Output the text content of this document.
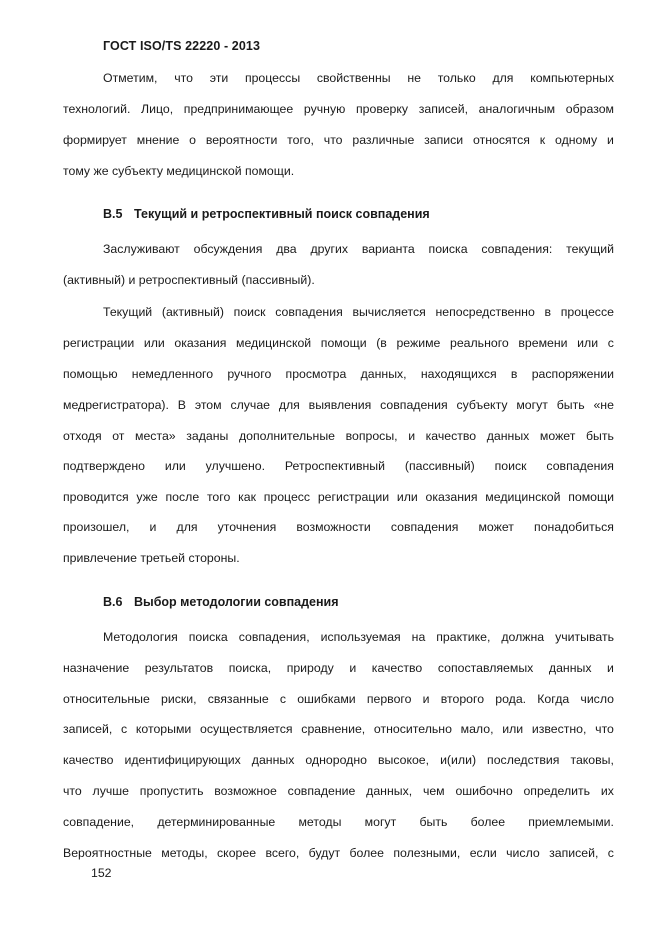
ГОСТ ISO/TS 22220 - 2013
Отметим, что эти процессы свойственны не только для компьютерных
технологий. Лицо, предпринимающее ручную проверку записей, аналогичным образом
формирует мнение о вероятности того, что различные записи относятся к одному и
тому же субъекту медицинской помощи.
B.5 Текущий и ретроспективный поиск совпадения
Заслуживают обсуждения два других варианта поиска совпадения: текущий
(активный) и ретроспективный (пассивный).
Текущий (активный) поиск совпадения вычисляется непосредственно в процессе
регистрации или оказания медицинской помощи (в режиме реального времени или с
помощью немедленного ручного просмотра данных, находящихся в распоряжении
медрегистратора). В этом случае для выявления совпадения субъекту могут быть «не
отходя от места» заданы дополнительные вопросы, и качество данных может быть
подтверждено или улучшено. Ретроспективный (пассивный) поиск совпадения
проводится уже после того как процесс регистрации или оказания медицинской помощи
произошел, и для уточнения возможности совпадения может понадобиться
привлечение третьей стороны.
B.6 Выбор методологии совпадения
Методология поиска совпадения, используемая на практике, должна учитывать
назначение результатов поиска, природу и качество сопоставляемых данных и
относительные риски, связанные с ошибками первого и второго рода. Когда число
записей, с которыми осуществляется сравнение, относительно мало, или известно, что
качество идентифицирующих данных однородно высокое, и(или) последствия таковы,
что лучше пропустить возможное совпадение данных, чем ошибочно определить их
совпадение, детерминированные методы могут быть более приемлемыми.
Вероятностные методы, скорее всего, будут более полезными, если число записей, с
152
